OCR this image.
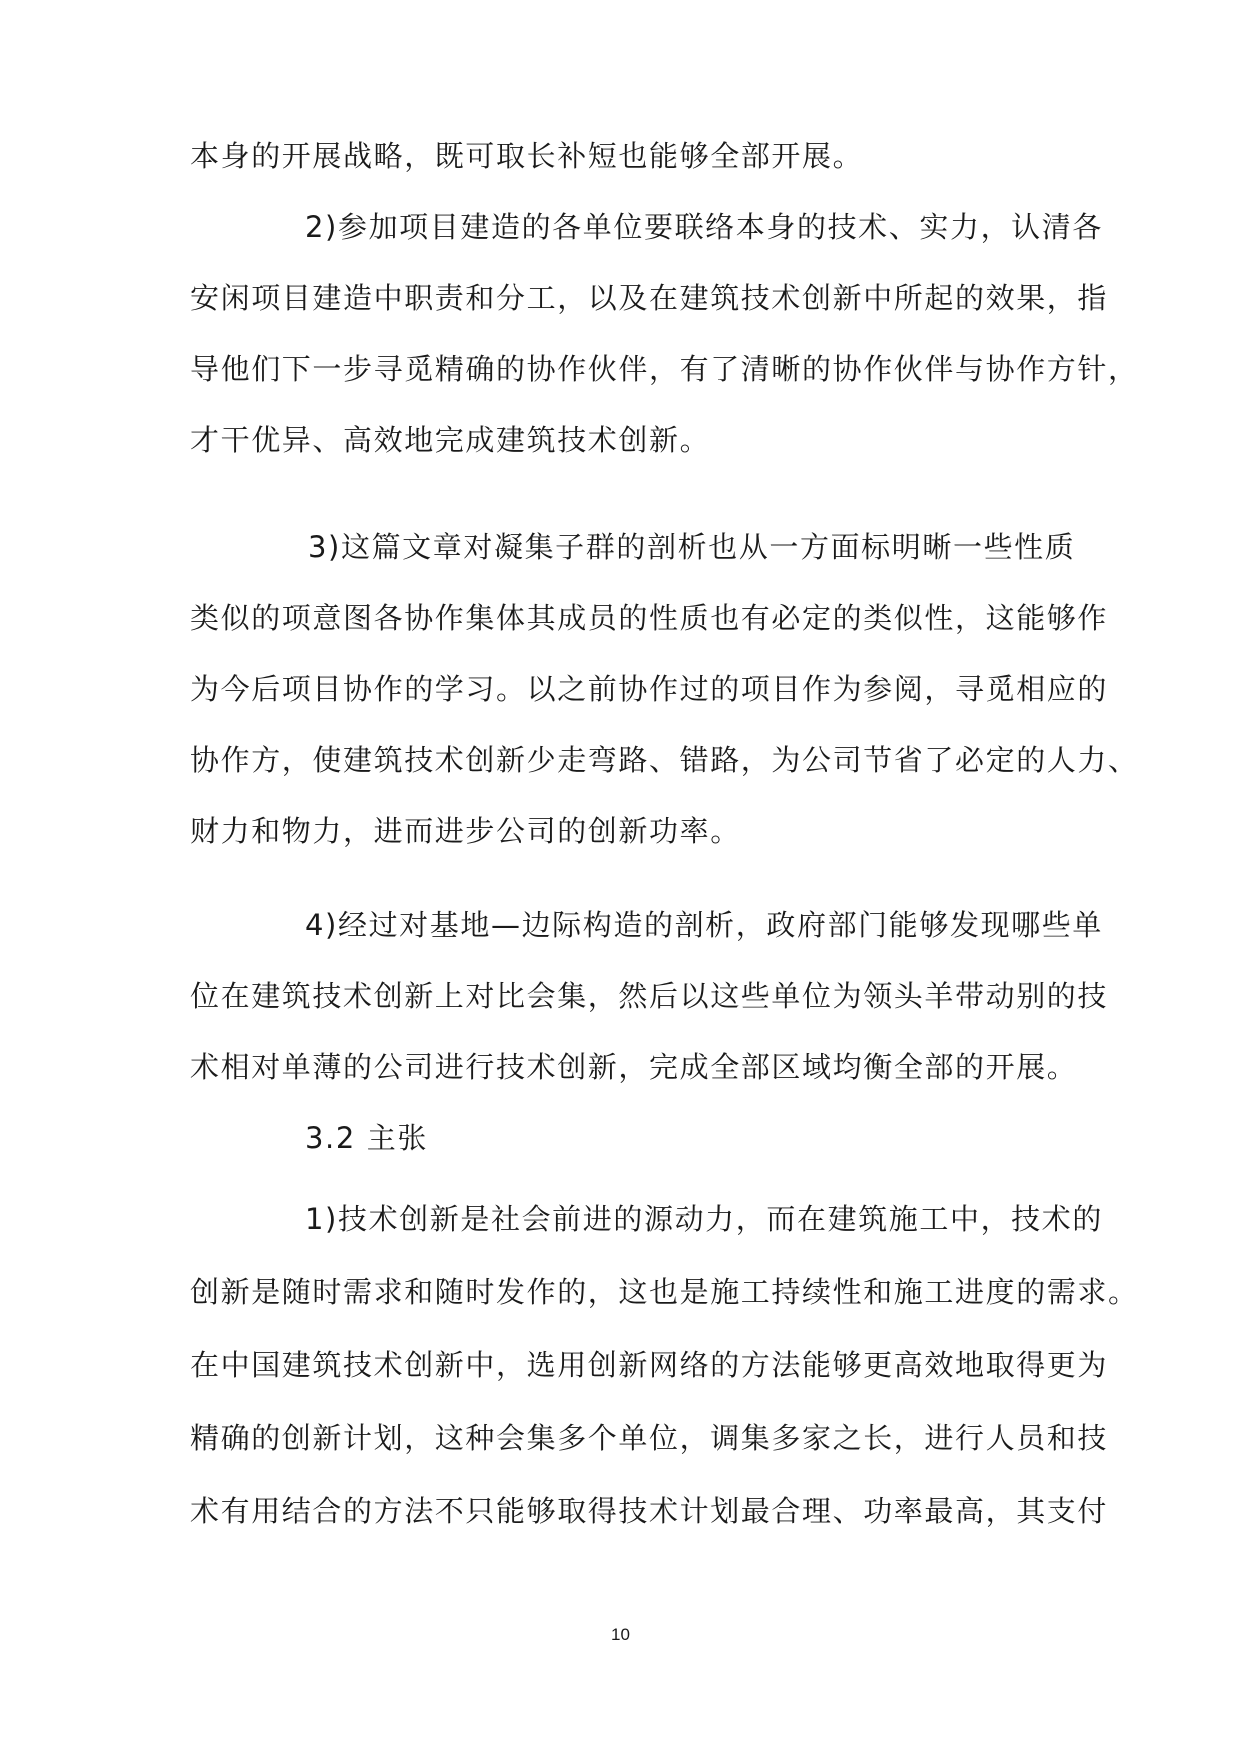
本身的开展战略，既可取长补短也能够全部开展。
2)参加项目建造的各单位要联络本身的技术、实力，认清各
安闲项目建造中职责和分工，以及在建筑技术创新中所起的效果，指
导他们下一步寻觅精确的协作伙伴，有了清晰的协作伙伴与协作方针，
才干优异、高效地完成建筑技术创新。
3)这篇文章对凝集子群的剖析也从一方面标明晰一些性质
类似的项意图各协作集体其成员的性质也有必定的类似性，这能够作
为今后项目协作的学习。以之前协作过的项目作为参阅，寻觅相应的
协作方，使建筑技术创新少走弯路、错路，为公司节省了必定的人力、
财力和物力，进而进步公司的创新功率。
4)经过对基地—边际构造的剖析，政府部门能够发现哪些单
位在建筑技术创新上对比会集，然后以这些单位为领头羊带动别的技
术相对单薄的公司进行技术创新，完成全部区域均衡全部的开展。
3.2 主张
1)技术创新是社会前进的源动力，而在建筑施工中，技术的
创新是随时需求和随时发作的，这也是施工持续性和施工进度的需求。
在中国建筑技术创新中，选用创新网络的方法能够更高效地取得更为
精确的创新计划，这种会集多个单位，调集多家之长，进行人员和技
术有用结合的方法不只能够取得技术计划最合理、功率最高，其支付
10
